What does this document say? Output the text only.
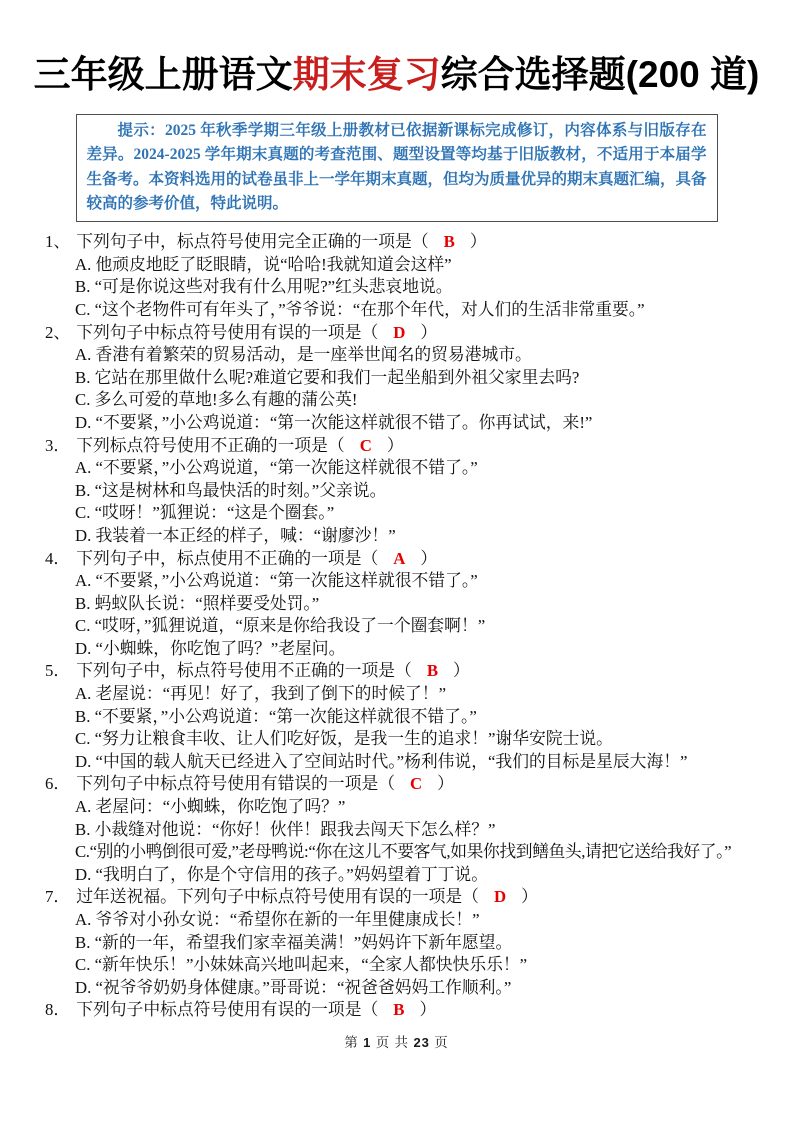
三年级上册语文期末复习综合选择题(200 道)

提示：2025 年秋季学期三年级上册教材已依据新课标完成修订，内容体系与旧版存在差异。2024-2025 学年期末真题的考查范围、题型设置等均基于旧版教材，不适用于本届学生备考。本资料选用的试卷虽非上一学年期末真题，但均为质量优异的期末真题汇编，具备较高的参考价值，特此说明。

1、 下列句子中，标点符号使用完全正确的一项是（ B ）
A. 他顽皮地眨了眨眼睛，说“哈哈!我就知道会这样”
B. “可是你说这些对我有什么用呢?”红头悲哀地说。
C. “这个老物件可有年头了，”爷爷说：“在那个年代，对人们的生活非常重要。”
2、 下列句子中标点符号使用有误的一项是（ D ）
A. 香港有着繁荣的贸易活动，是一座举世闻名的贸易港城市。
B. 它站在那里做什么呢?难道它要和我们一起坐船到外祖父家里去吗?
C. 多么可爱的草地!多么有趣的蒲公英!
D. “不要紧，”小公鸡说道：“第一次能这样就很不错了。你再试试，来!”
3． 下列标点符号使用不正确的一项是（ C ）
A. “不要紧，”小公鸡说道，“第一次能这样就很不错了。”
B. “这是树林和鸟最快活的时刻。”父亲说。
C. “哎呀！”狐狸说：“这是个圈套。”
D. 我装着一本正经的样子，喊：“谢廖沙！”
4． 下列句子中，标点使用不正确的一项是（ A ）
A. “不要紧，”小公鸡说道：“第一次能这样就很不错了。”
B. 蚂蚁队长说：“照样要受处罚。”
C. “哎呀，”狐狸说道，“原来是你给我设了一个圈套啊！”
D. “小蜘蛛，你吃饱了吗？”老屋问。
5． 下列句子中，标点符号使用不正确的一项是（ B ）
A. 老屋说：“再见！好了，我到了倒下的时候了！”
B. “不要紧，”小公鸡说道：“第一次能这样就很不错了。”
C. “努力让粮食丰收、让人们吃好饭，是我一生的追求！”谢华安院士说。
D. “中国的载人航天已经进入了空间站时代。”杨利伟说，“我们的目标是星辰大海！”
6． 下列句子中标点符号使用有错误的一项是（ C ）
A. 老屋问：“小蜘蛛，你吃饱了吗？”
B. 小裁缝对他说：“你好！伙伴！跟我去闯天下怎么样？”
C.“别的小鸭倒很可爱,”老母鸭说:“你在这儿不要客气,如果你找到鳝鱼头,请把它送给我好了。”
D. “我明白了，你是个守信用的孩子。”妈妈望着丁丁说。
7． 过年送祝福。下列句子中标点符号使用有误的一项是（ D ）
A. 爷爷对小孙女说：“希望你在新的一年里健康成长！”
B. “新的一年，希望我们家幸福美满！”妈妈许下新年愿望。
C. “新年快乐！”小妹妹高兴地叫起来，“全家人都快快乐乐！”
D. “祝爷爷奶奶身体健康。”哥哥说：“祝爸爸妈妈工作顺利。”
8． 下列句子中标点符号使用有误的一项是（ B ）
第 1 页 共 23 页
